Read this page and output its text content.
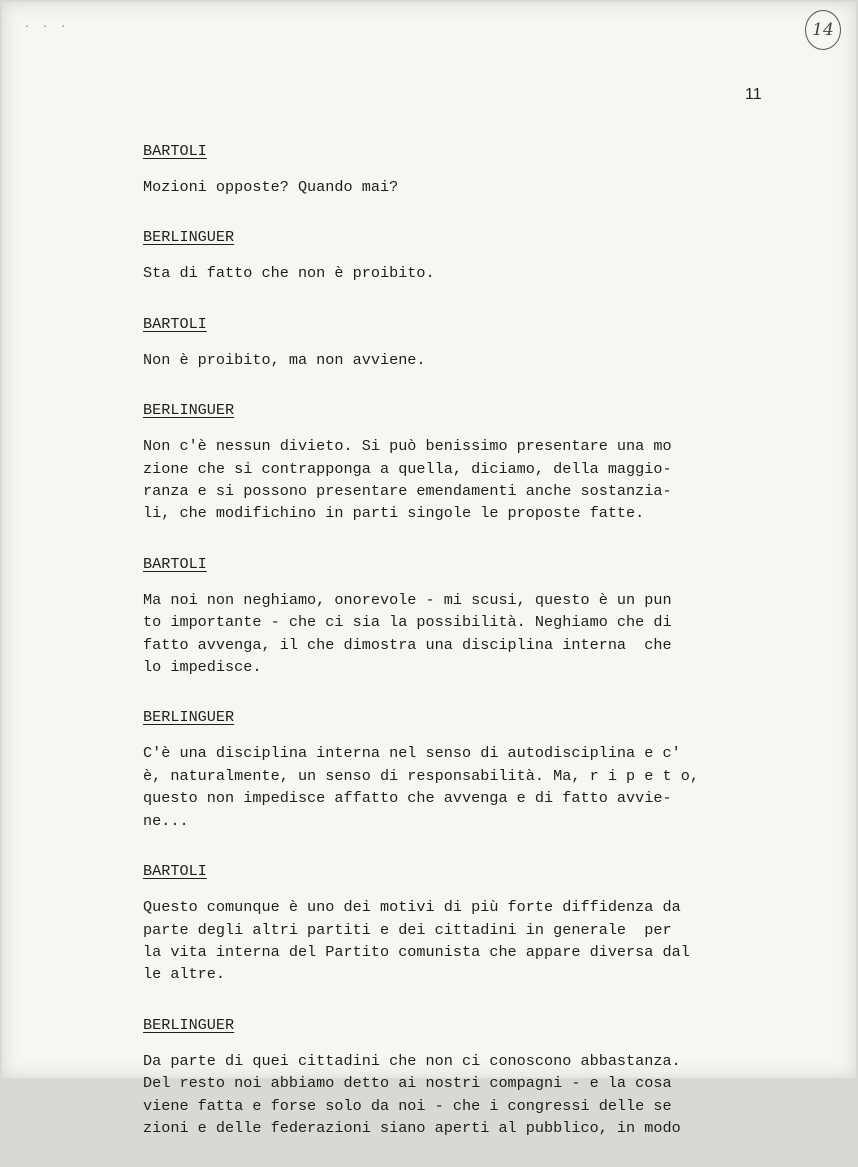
. . .	14
11
BARTOLI
Mozioni opposte? Quando mai?
BERLINGUER
Sta di fatto che non è proibito.
BARTOLI
Non è proibito, ma non avviene.
BERLINGUER
Non c'è nessun divieto. Si può benissimo presentare una mo
zione che si contrapponga a quella, diciamo, della maggio-
ranza e si possono presentare emendamenti anche sostanzia-
li, che modifichino in parti singole le proposte fatte.
BARTOLI
Ma noi non neghiamo, onorevole - mi scusi, questo è un pun
to importante - che ci sia la possibilità. Neghiamo che di
fatto avvenga, il che dimostra una disciplina interna  che
lo impedisce.
BERLINGUER
C'è una disciplina interna nel senso di autodisciplina e c'
è, naturalmente, un senso di responsabilità. Ma, r i p e t o,
questo non impedisce affatto che avvenga e di fatto avvie-
ne...
BARTOLI
Questo comunque è uno dei motivi di più forte diffidenza da
parte degli altri partiti e dei cittadini in generale  per
la vita interna del Partito comunista che appare diversa dal
le altre.
BERLINGUER
Da parte di quei cittadini che non ci conoscono abbastanza.
Del resto noi abbiamo detto ai nostri compagni - e la cosa
viene fatta e forse solo da noi - che i congressi delle se
zioni e delle federazioni siano aperti al pubblico, in modo
